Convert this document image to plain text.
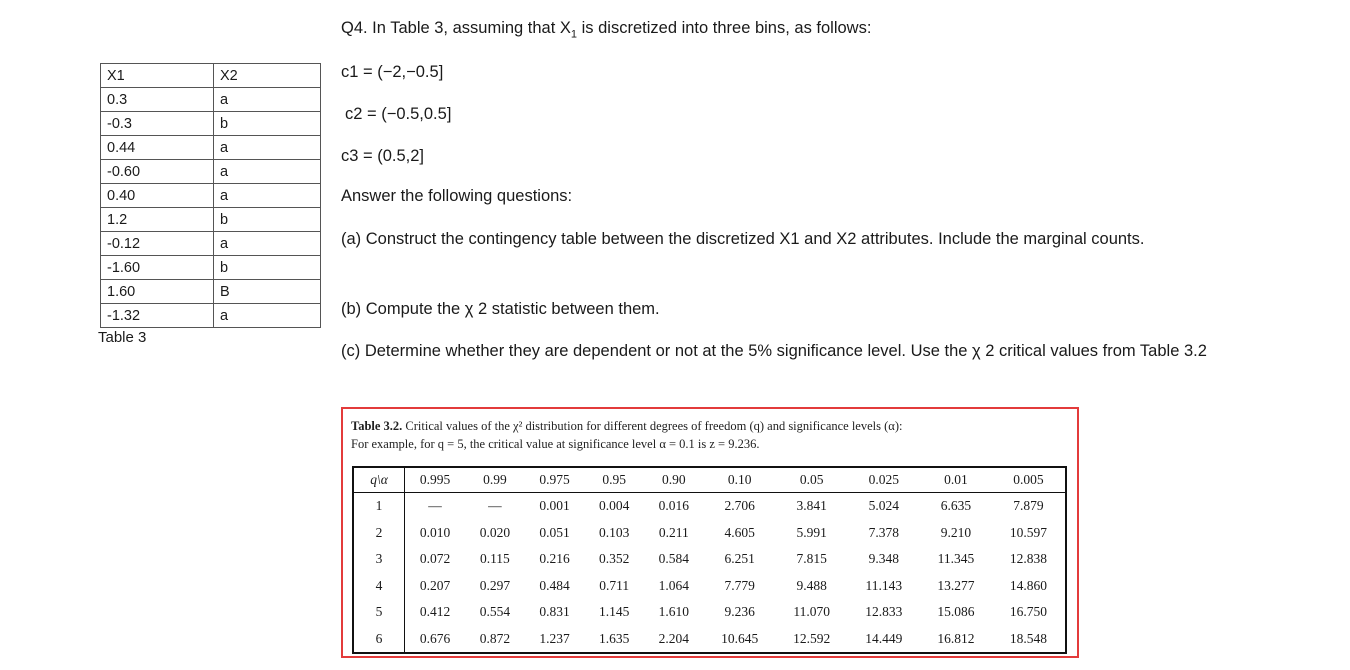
X1	X2
0.3	a
-0.3	b
0.44	a
-0.60	a
0.40	a
1.2	b
-0.12	a
-1.60	b
1.60	B
-1.32	a
Table 3

Q4. In Table 3, assuming that $X_1$ is discretized into three bins, as follows:

c1 = (−2,−0.5]

c2 = (−0.5,0.5]

c3 = (0.5,2]

Answer the following questions:

(a) Construct the contingency table between the discretized X1 and X2 attributes. Include the marginal counts.

(b) Compute the χ 2 statistic between them.

(c) Determine whether they are dependent or not at the 5% significance level. Use the χ 2 critical values from Table 3.2

Table 3.2. Critical values of the χ² distribution for different degrees of freedom (q) and significance levels (α):
For example, for q = 5, the critical value at significance level α = 0.1 is z = 9.236.
q\α	0.995	0.99	0.975	0.95	0.90	0.10	0.05	0.025	0.01	0.005
1	—	—	0.001	0.004	0.016	2.706	3.841	5.024	6.635	7.879
2	0.010	0.020	0.051	0.103	0.211	4.605	5.991	7.378	9.210	10.597
3	0.072	0.115	0.216	0.352	0.584	6.251	7.815	9.348	11.345	12.838
4	0.207	0.297	0.484	0.711	1.064	7.779	9.488	11.143	13.277	14.860
5	0.412	0.554	0.831	1.145	1.610	9.236	11.070	12.833	15.086	16.750
6	0.676	0.872	1.237	1.635	2.204	10.645	12.592	14.449	16.812	18.548
